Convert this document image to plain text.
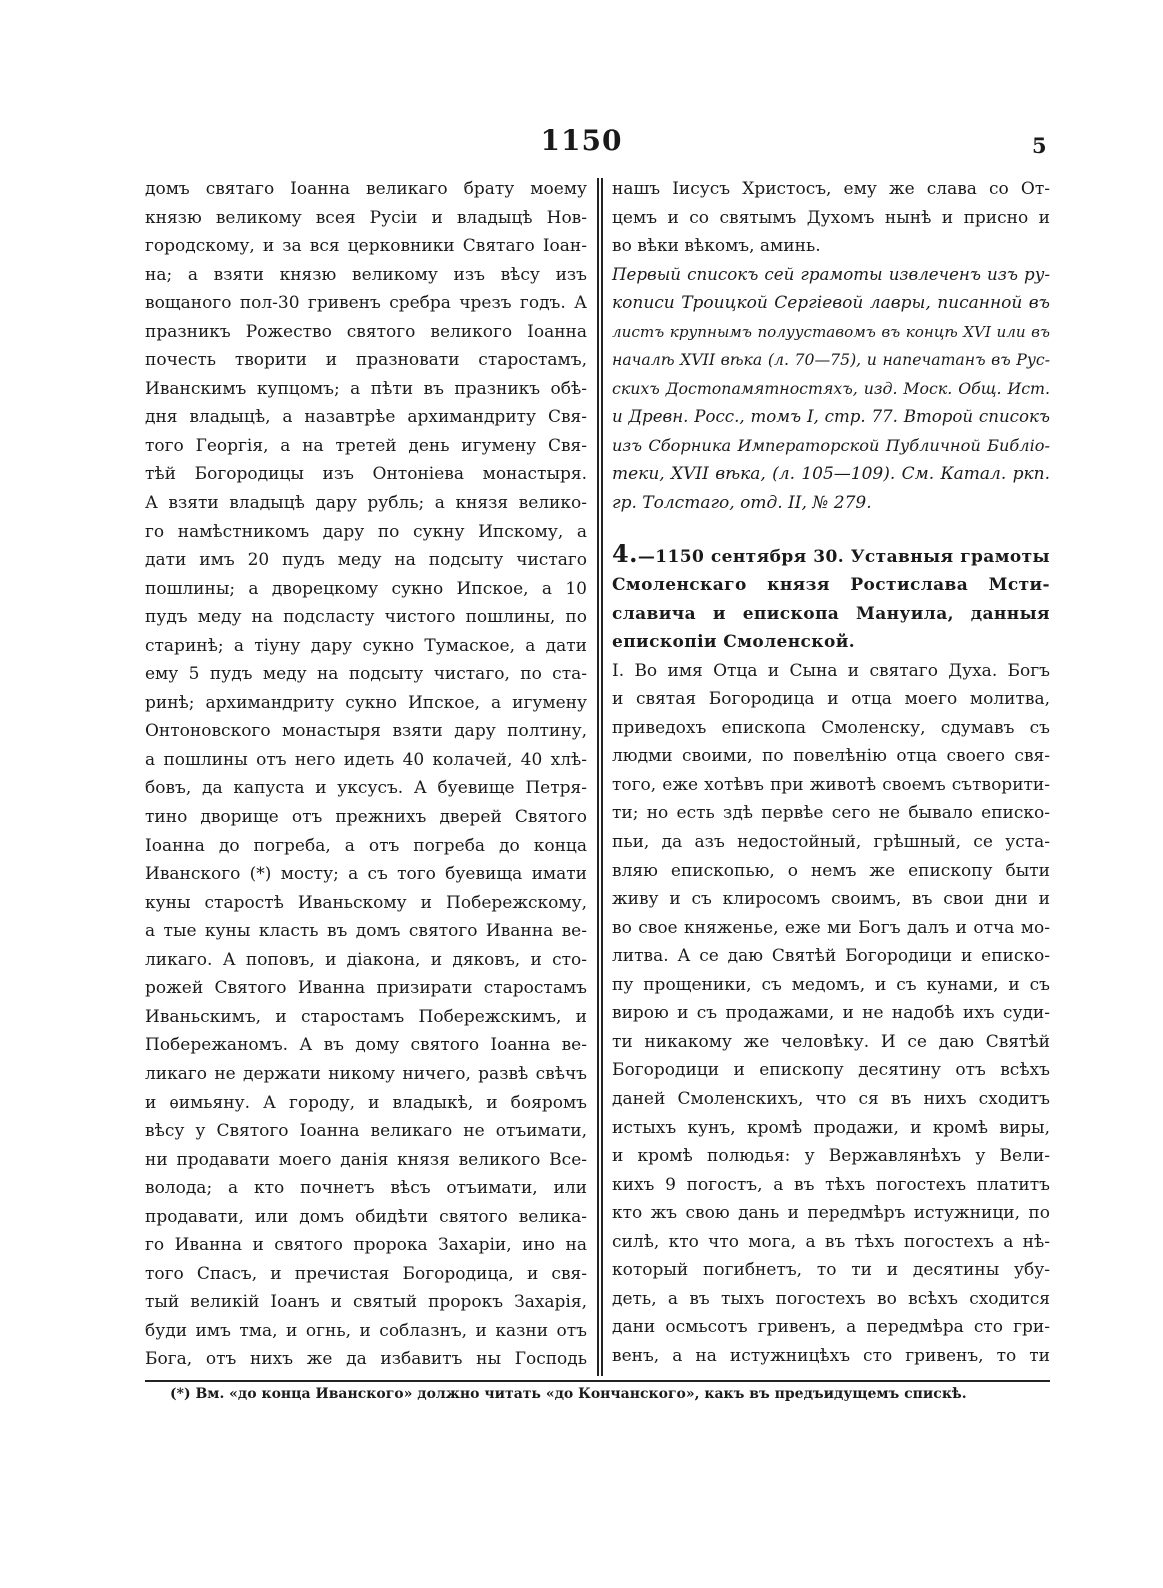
1150	5

домъ святаго Іоанна великаго брату моему
князю великому всея Русіи и владыцѣ Нов-
городскому, и за вся церковники Святаго Іоан-
на; а взяти князю великому изъ вѣсу изъ
вощаного пол-30 гривенъ сребра чрезъ годъ. А
празникъ Рожество святого великого Іоанна
почесть творити и празновати старостамъ,
Иванскимъ купцомъ; а пѣти въ празникъ обѣ-
дня владыцѣ, а назавтрѣе архимандриту Свя-
того Георгія, а на третей день игумену Свя-
тѣй Богородицы изъ Онтоніева монастыря.
А взяти владыцѣ дару рубль; а князя велико-
го намѣстникомъ дару по сукну Ипскому, а
дати имъ 20 пудъ меду на подсыту чистаго
пошлины; а дворецкому сукно Ипское, а 10
пудъ меду на подсласту чистого пошлины, по
старинѣ; а тіуну дару сукно Тумаское, а дати
ему 5 пудъ меду на подсыту чистаго, по ста-
ринѣ; архимандриту сукно Ипское, а игумену
Онтоновского монастыря взяти дару полтину,
а пошлины отъ него идеть 40 колачей, 40 хлѣ-
бовъ, да капуста и уксусъ. А буевище Петря-
тино дворище отъ прежнихъ дверей Святого
Іоанна до погреба, а отъ погреба до конца
Иванского (*) мосту; а съ того буевища имати
куны старостѣ Иваньскому и Побережскому,
а тые куны класть въ домъ святого Иванна ве-
ликаго. А поповъ, и діакона, и дяковъ, и сто-
рожей Святого Иванна призирати старостамъ
Иваньскимъ, и старостамъ Побережскимъ, и
Побережаномъ. А въ дому святого Іоанна ве-
ликаго не держати никому ничего, развѣ свѣчъ
и ѳимьяну. А городу, и владыкѣ, и бояромъ
вѣсу у Святого Іоанна великаго не отъимати,
ни продавати моего данія князя великого Все-
волода; а кто почнетъ вѣсъ отъимати, или
продавати, или домъ обидѣти святого велика-
го Иванна и святого пророка Захаріи, ино на
того Спасъ, и пречистая Богородица, и свя-
тый великій Іоанъ и святый пророкъ Захарія,
буди имъ тма, и огнь, и соблазнъ, и казни отъ
Бога, отъ нихъ же да избавитъ ны Господь

нашъ Іисусъ Христосъ, ему же слава со От-
цемъ и со святымъ Духомъ нынѣ и присно и
во вѣки вѣкомъ, аминь.

Первый списокъ сей грамоты извлеченъ изъ ру-
кописи Троицкой Сергіевой лавры, писанной въ
листъ крупнымъ полууставомъ въ концѣ XVI или въ
началѣ XVII вѣка (л. 70—75), и напечатанъ въ Рус-
скихъ Достопамятностяхъ, изд. Моск. Общ. Ист.
и Древн. Росс., томъ I, стр. 77. Второй списокъ
изъ Сборника Императорской Публичной Библіо-
теки, XVII вѣка, (л. 105—109). См. Катал. ркп.
гр. Толстаго, отд. II, № 279.

4.—1150 сентября 30. Уставныя грамоты
Смоленскаго князя Ростислава Мсти-
славича и епископа Мануила, данныя
епископіи Смоленской.

I. Во имя Отца и Сына и святаго Духа. Богъ
и святая Богородица и отца моего молитва,
приведохъ епископа Смоленску, сдумавъ съ
людми своими, по повелѣнію отца своего свя-
того, еже хотѣвъ при животѣ своемъ сътворити-
ти; но есть здѣ первѣе сего не бывало еписко-
пьи, да азъ недостойный, грѣшный, се уста-
вляю епископью, о немъ же епископу быти
живу и съ клиросомъ своимъ, въ свои дни и
во свое княженье, еже ми Богъ далъ и отча мо-
литва. А се даю Святѣй Богородици и еписко-
пу прощеники, съ медомъ, и съ кунами, и съ
вирою и съ продажами, и не надобѣ ихъ суди-
ти никакому же человѣку. И се даю Святѣй
Богородици и епископу десятину отъ всѣхъ
даней Смоленскихъ, что ся въ нихъ сходитъ
истыхъ кунъ, кромѣ продажи, и кромѣ виры,
и кромѣ полюдья: у Вержавлянѣхъ у Вели-
кихъ 9 погостъ, а въ тѣхъ погостехъ платитъ
кто жъ свою дань и передмѣръ истужници, по
силѣ, кто что мога, а въ тѣхъ погостехъ а нѣ-
который погибнетъ, то ти и десятины убу-
деть, а въ тыхъ погостехъ во всѣхъ сходится
дани осмьсотъ гривенъ, а передмѣра сто гри-
венъ, а на истужницѣхъ сто гривенъ, то ти

(*) Вм. «до конца Иванского» должно читать «до Кончанского», какъ въ предъидущемъ спискѣ.
